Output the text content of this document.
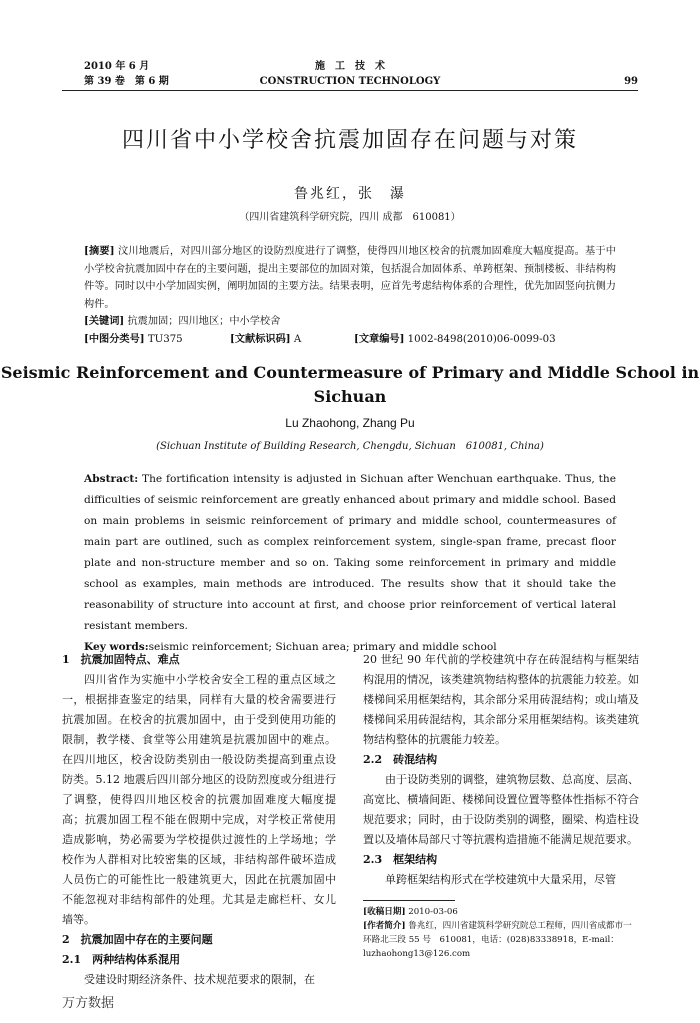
2010 年 6 月
第 39 卷　第 6 期
施　工　技　术
CONSTRUCTION TECHNOLOGY	99
四川省中小学校舍抗震加固存在问题与对策
鲁兆红，张　瀑
（四川省建筑科学研究院，四川 成都　610081）
[摘要] 汶川地震后，对四川部分地区的设防烈度进行了调整，使得四川地区校舍的抗震加固难度大幅度提高。基于中小学校舍抗震加固中存在的主要问题，提出主要部位的加固对策，包括混合加固体系、单跨框架、预制楼板、非结构构件等。同时以中小学加固实例，阐明加固的主要方法。结果表明，应首先考虑结构体系的合理性，优先加固竖向抗侧力构件。
[关键词] 抗震加固；四川地区；中小学校舍
[中图分类号] TU375	[文献标识码] A	[文章编号] 1002-8498(2010)06-0099-03
Seismic Reinforcement and Countermeasure of Primary and Middle School in Sichuan
Lu Zhaohong, Zhang Pu
(Sichuan Institute of Building Research, Chengdu, Sichuan　610081, China)
Abstract: The fortification intensity is adjusted in Sichuan after Wenchuan earthquake. Thus, the difficulties of seismic reinforcement are greatly enhanced about primary and middle school. Based on main problems in seismic reinforcement of primary and middle school, countermeasures of main part are outlined, such as complex reinforcement system, single-span frame, precast floor plate and non-structure member and so on. Taking some reinforcement in primary and middle school as examples, main methods are introduced. The results show that it should take the reasonability of structure into account at first, and choose prior reinforcement of vertical lateral resistant members.
Key words:seismic reinforcement; Sichuan area; primary and middle school
1　抗震加固特点、难点
四川省作为实施中小学校舍安全工程的重点区域之一，根据排查鉴定的结果，同样有大量的校舍需要进行抗震加固。在校舍的抗震加固中，由于受到使用功能的限制，教学楼、食堂等公用建筑是抗震加固中的难点。在四川地区，校舍设防类别由一般设防类提高到重点设防类。5.12 地震后四川部分地区的设防烈度或分组进行了调整，使得四川地区校舍的抗震加固难度大幅度提高；抗震加固工程不能在假期中完成，对学校正常使用造成影响，势必需要为学校提供过渡性的上学场地；学校作为人群相对比较密集的区域，非结构部件破坏造成人员伤亡的可能性比一般建筑更大，因此在抗震加固中不能忽视对非结构部件的处理。尤其是走廊栏杆、女儿墙等。
2　抗震加固中存在的主要问题
2.1　两种结构体系混用
受建设时期经济条件、技术规范要求的限制，在
20 世纪 90 年代前的学校建筑中存在砖混结构与框架结构混用的情况，该类建筑物结构整体的抗震能力较差。如楼梯间采用框架结构，其余部分采用砖混结构；或山墙及楼梯间采用砖混结构，其余部分采用框架结构。该类建筑物结构整体的抗震能力较差。
2.2　砖混结构
由于设防类别的调整，建筑物层数、总高度、层高、高宽比、横墙间距、楼梯间设置位置等整体性指标不符合规范要求；同时，由于设防类别的调整，圈梁、构造柱设置以及墙体局部尺寸等抗震构造措施不能满足规范要求。
2.3　框架结构
单跨框架结构形式在学校建筑中大量采用，尽管
[收稿日期] 2010-03-06
[作者简介] 鲁兆红，四川省建筑科学研究院总工程师，四川省成都市一环路北三段 55 号　610081，电话：(028)83338918，E-mail：luzhaohong13@126.com
万方数据
